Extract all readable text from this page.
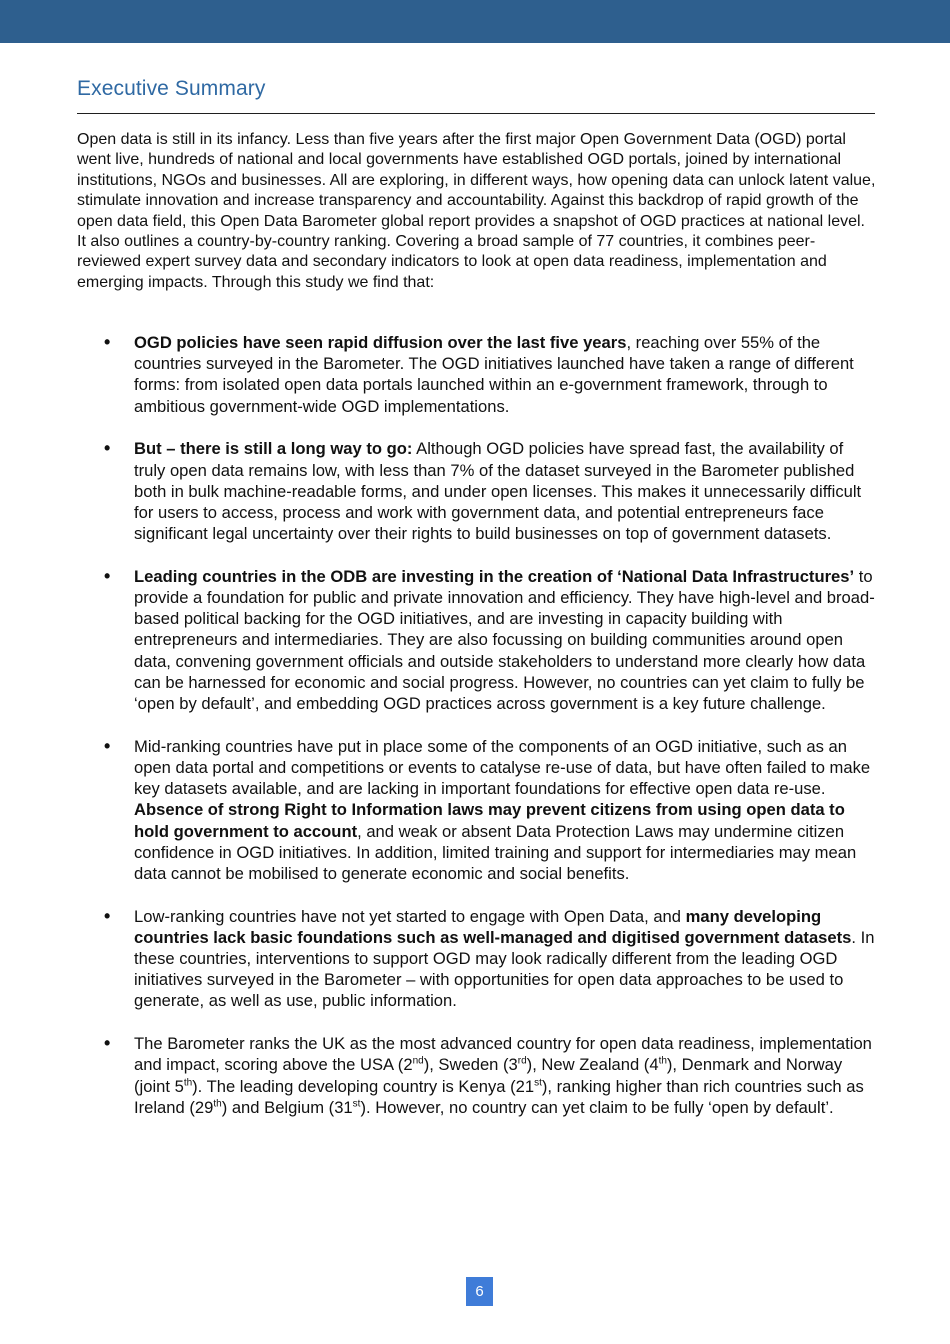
Executive Summary

Open data is still in its infancy. Less than five years after the first major Open Government Data (OGD) portal went live, hundreds of national and local governments have established OGD portals, joined by international institutions, NGOs and businesses. All are exploring, in different ways, how opening data can unlock latent value, stimulate innovation and increase transparency and accountability. Against this backdrop of rapid growth of the open data field, this Open Data Barometer global report provides a snapshot of OGD practices at national level. It also outlines a country-by-country ranking. Covering a broad sample of 77 countries, it combines peer-reviewed expert survey data and secondary indicators to look at open data readiness, implementation and emerging impacts. Through this study we find that:

• OGD policies have seen rapid diffusion over the last five years, reaching over 55% of the countries surveyed in the Barometer. The OGD initiatives launched have taken a range of different forms: from isolated open data portals launched within an e-government framework, through to ambitious government-wide OGD implementations.
• But – there is still a long way to go: Although OGD policies have spread fast, the availability of truly open data remains low, with less than 7% of the dataset surveyed in the Barometer published both in bulk machine-readable forms, and under open licenses. This makes it unnecessarily difficult for users to access, process and work with government data, and potential entrepreneurs face significant legal uncertainty over their rights to build businesses on top of government datasets.
• Leading countries in the ODB are investing in the creation of ‘National Data Infrastructures’ to provide a foundation for public and private innovation and efficiency. They have high-level and broad-based political backing for the OGD initiatives, and are investing in capacity building with entrepreneurs and intermediaries. They are also focussing on building communities around open data, convening government officials and outside stakeholders to understand more clearly how data can be harnessed for economic and social progress. However, no countries can yet claim to fully be ‘open by default’, and embedding OGD practices across government is a key future challenge.
• Mid-ranking countries have put in place some of the components of an OGD initiative, such as an open data portal and competitions or events to catalyse re-use of data, but have often failed to make key datasets available, and are lacking in important foundations for effective open data re-use. Absence of strong Right to Information laws may prevent citizens from using open data to hold government to account, and weak or absent Data Protection Laws may undermine citizen confidence in OGD initiatives. In addition, limited training and support for intermediaries may mean data cannot be mobilised to generate economic and social benefits.
• Low-ranking countries have not yet started to engage with Open Data, and many developing countries lack basic foundations such as well-managed and digitised government datasets. In these countries, interventions to support OGD may look radically different from the leading OGD initiatives surveyed in the Barometer – with opportunities for open data approaches to be used to generate, as well as use, public information.
• The Barometer ranks the UK as the most advanced country for open data readiness, implementation and impact, scoring above the USA (2nd), Sweden (3rd), New Zealand (4th), Denmark and Norway (joint 5th). The leading developing country is Kenya (21st), ranking higher than rich countries such as Ireland (29th) and Belgium (31st). However, no country can yet claim to be fully ‘open by default’.
6
